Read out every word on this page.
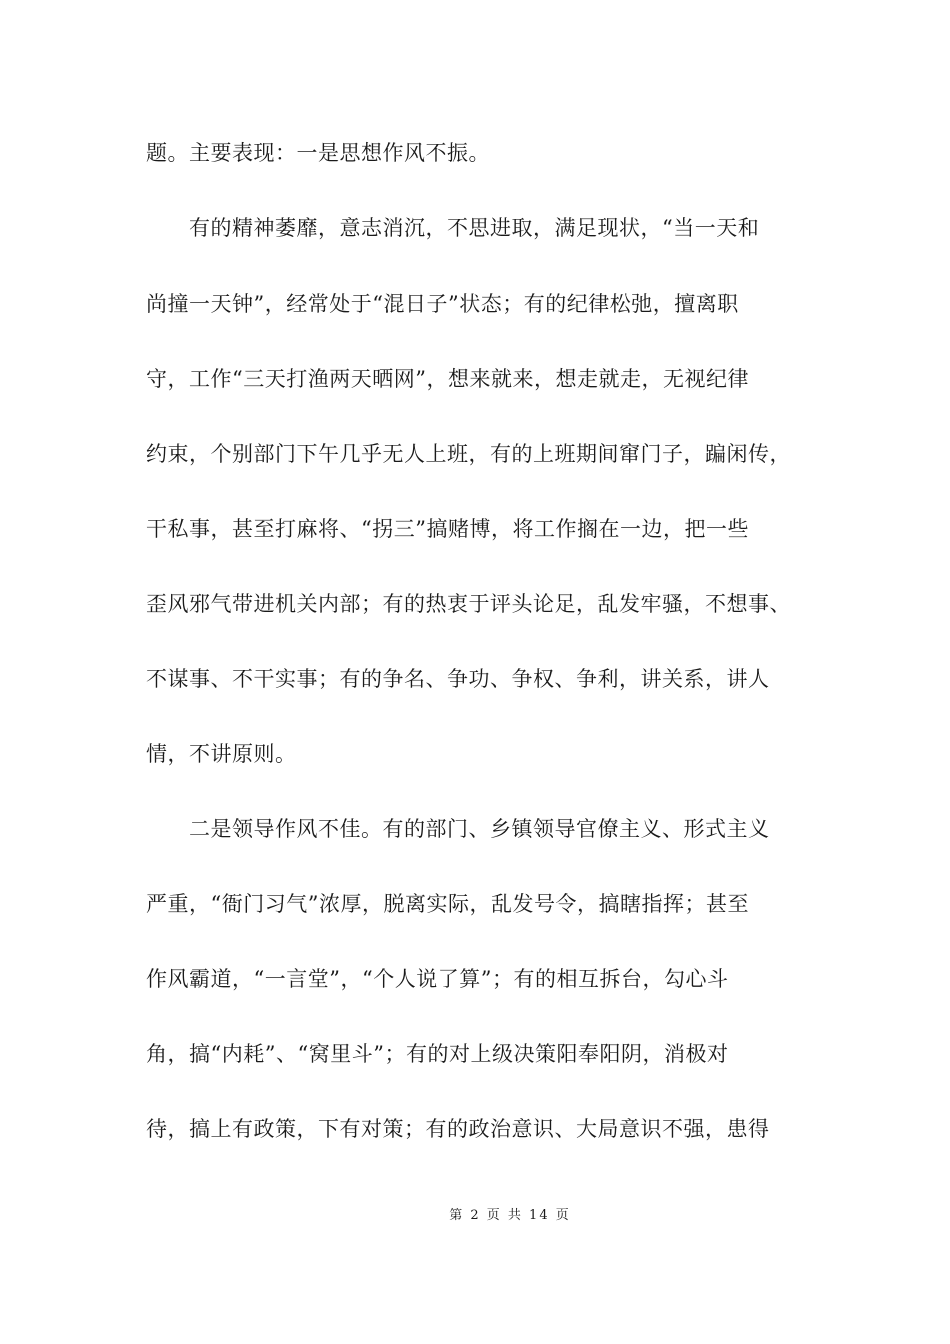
题。主要表现：一是思想作风不振。
有的精神萎靡，意志消沉，不思进取，满足现状，“当一天和
尚撞一天钟”，经常处于“混日子”状态；有的纪律松弛，擅离职
守，工作“三天打渔两天晒网”，想来就来，想走就走，无视纪律
约束，个别部门下午几乎无人上班，有的上班期间窜门子，蹁闲传，
干私事，甚至打麻将、“拐三”搞赌博，将工作搁在一边，把一些
歪风邪气带进机关内部；有的热衷于评头论足，乱发牢骚，不想事、
不谋事、不干实事；有的争名、争功、争权、争利，讲关系，讲人
情，不讲原则。
二是领导作风不佳。有的部门、乡镇领导官僚主义、形式主义
严重，“衙门习气”浓厚，脱离实际，乱发号令，搞瞎指挥；甚至
作风霸道，“一言堂”，“个人说了算”；有的相互拆台，勾心斗
角，搞“内耗”、“窝里斗”；有的对上级决策阳奉阳阴，消极对
待，搞上有政策，下有对策；有的政治意识、大局意识不强，患得
第 2 页 共 14 页
